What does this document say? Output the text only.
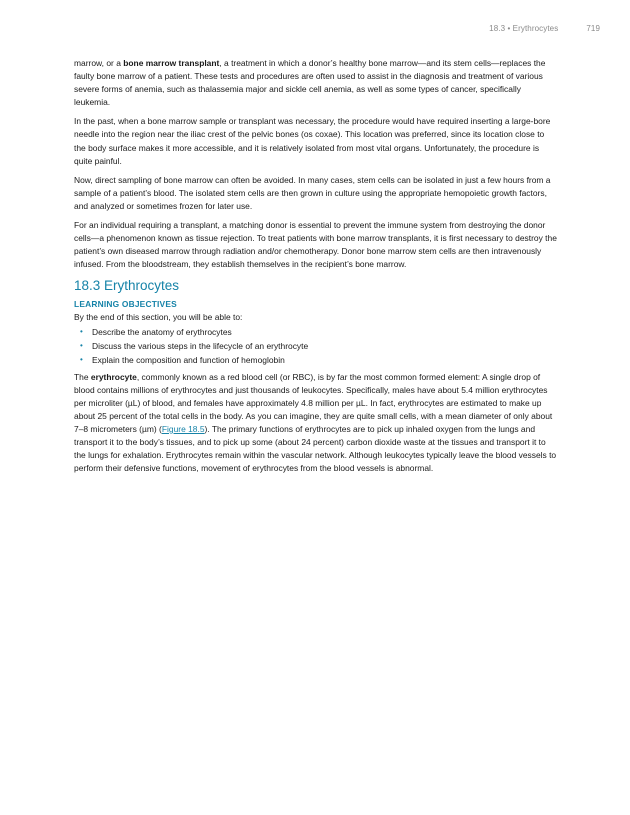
18.3 • Erythrocytes	719

marrow, or a bone marrow transplant, a treatment in which a donor’s healthy bone marrow—and its stem cells—replaces the faulty bone marrow of a patient. These tests and procedures are often used to assist in the diagnosis and treatment of various severe forms of anemia, such as thalassemia major and sickle cell anemia, as well as some types of cancer, specifically leukemia.

In the past, when a bone marrow sample or transplant was necessary, the procedure would have required inserting a large-bore needle into the region near the iliac crest of the pelvic bones (os coxae). This location was preferred, since its location close to the body surface makes it more accessible, and it is relatively isolated from most vital organs. Unfortunately, the procedure is quite painful.

Now, direct sampling of bone marrow can often be avoided. In many cases, stem cells can be isolated in just a few hours from a sample of a patient’s blood. The isolated stem cells are then grown in culture using the appropriate hemopoietic growth factors, and analyzed or sometimes frozen for later use.

For an individual requiring a transplant, a matching donor is essential to prevent the immune system from destroying the donor cells—a phenomenon known as tissue rejection. To treat patients with bone marrow transplants, it is first necessary to destroy the patient’s own diseased marrow through radiation and/or chemotherapy. Donor bone marrow stem cells are then intravenously infused. From the bloodstream, they establish themselves in the recipient’s bone marrow.

18.3 Erythrocytes
LEARNING OBJECTIVES
By the end of this section, you will be able to:
• Describe the anatomy of erythrocytes
• Discuss the various steps in the lifecycle of an erythrocyte
• Explain the composition and function of hemoglobin

The erythrocyte, commonly known as a red blood cell (or RBC), is by far the most common formed element: A single drop of blood contains millions of erythrocytes and just thousands of leukocytes. Specifically, males have about 5.4 million erythrocytes per microliter (µL) of blood, and females have approximately 4.8 million per µL. In fact, erythrocytes are estimated to make up about 25 percent of the total cells in the body. As you can imagine, they are quite small cells, with a mean diameter of only about 7–8 micrometers (µm) (Figure 18.5). The primary functions of erythrocytes are to pick up inhaled oxygen from the lungs and transport it to the body’s tissues, and to pick up some (about 24 percent) carbon dioxide waste at the tissues and transport it to the lungs for exhalation. Erythrocytes remain within the vascular network. Although leukocytes typically leave the blood vessels to perform their defensive functions, movement of erythrocytes from the blood vessels is abnormal.
